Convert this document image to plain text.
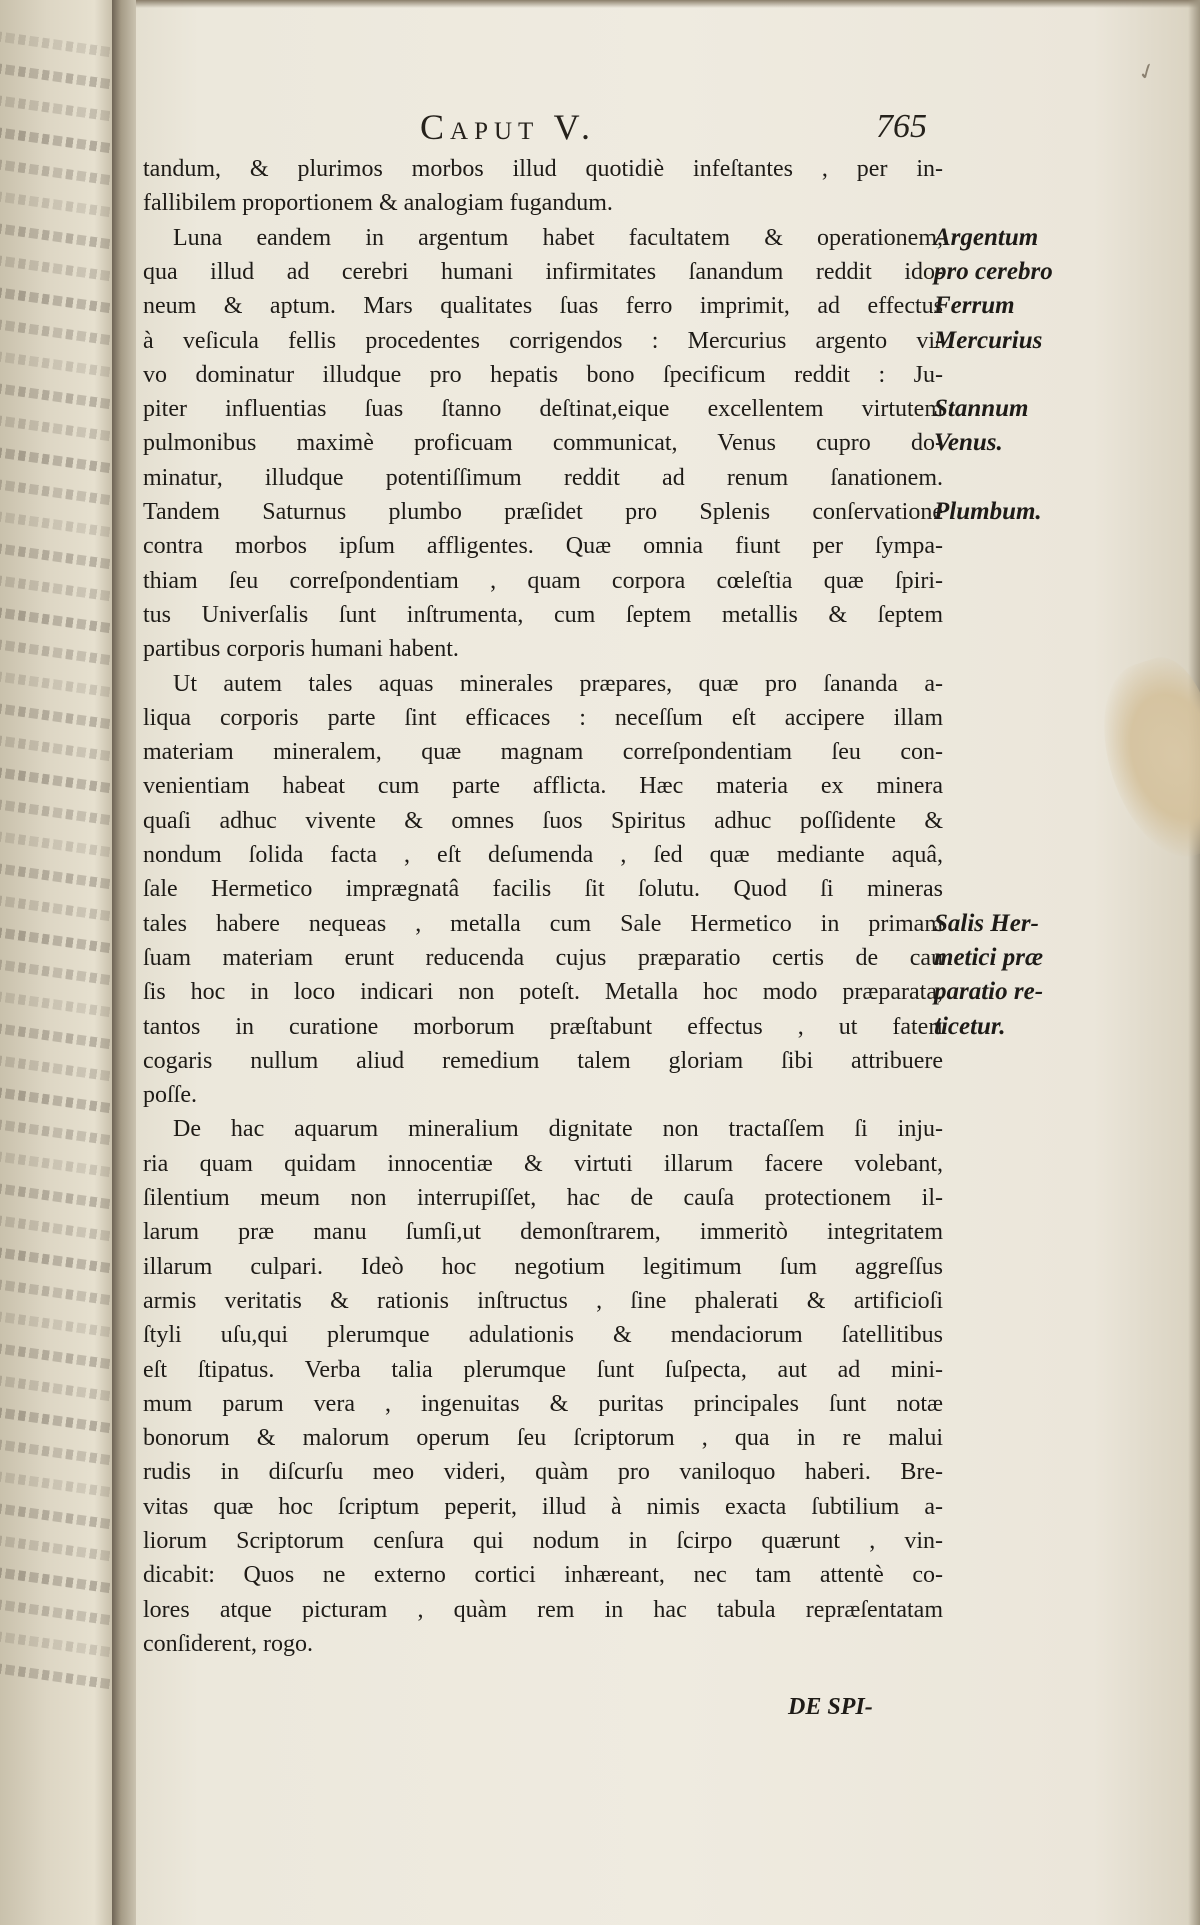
✓
Caput V.	765
tandum, & plurimos morbos illud quotidiè infeſtantes , per in-
fallibilem proportionem & analogiam fugandum.
Luna eandem in argentum habet facultatem & operationem,
qua illud ad cerebri humani infirmitates ſanandum reddit ido-
neum & aptum. Mars qualitates ſuas ferro imprimit, ad effectus
à veſicula fellis procedentes corrigendos : Mercurius argento vi-
vo dominatur illudque pro hepatis bono ſpecificum reddit : Ju-
piter influentias ſuas ſtanno deſtinat,eique excellentem virtutem
pulmonibus maximè proficuam communicat, Venus cupro do-
minatur, illudque potentiſſimum reddit ad renum ſanationem.
Tandem Saturnus plumbo præſidet pro Splenis conſervatione
contra morbos ipſum affligentes. Quæ omnia fiunt per ſympa-
thiam ſeu correſpondentiam , quam corpora cœleſtia quæ ſpiri-
tus Univerſalis ſunt inſtrumenta, cum ſeptem metallis & ſeptem
partibus corporis humani habent.
Ut autem tales aquas minerales præpares, quæ pro ſananda a-
liqua corporis parte ſint efficaces : neceſſum eſt accipere illam
materiam mineralem, quæ magnam correſpondentiam ſeu con-
venientiam habeat cum parte afflicta. Hæc materia ex minera
quaſi adhuc vivente & omnes ſuos Spiritus adhuc poſſidente &
nondum ſolida facta , eſt deſumenda , ſed quæ mediante aquâ,
ſale Hermetico imprægnatâ facilis ſit ſolutu. Quod ſi mineras
tales habere nequeas , metalla cum Sale Hermetico in primam
ſuam materiam erunt reducenda cujus præparatio certis de cau
ſis hoc in loco indicari non poteſt. Metalla hoc modo præparata,
tantos in curatione morborum præſtabunt effectus , ut fateri
cogaris nullum aliud remedium talem gloriam ſibi attribuere
poſſe.
De hac aquarum mineralium dignitate non tractaſſem ſi inju-
ria quam quidam innocentiæ & virtuti illarum facere volebant,
ſilentium meum non interrupiſſet, hac de cauſa protectionem il-
larum præ manu ſumſi,ut demonſtrarem, immeritò integritatem
illarum culpari. Ideò hoc negotium legitimum ſum aggreſſus
armis veritatis & rationis inſtructus , ſine phalerati & artificioſi
ſtyli uſu,qui plerumque adulationis & mendaciorum ſatellitibus
eſt ſtipatus. Verba talia plerumque ſunt ſuſpecta, aut ad mini-
mum parum vera , ingenuitas & puritas principales ſunt notæ
bonorum & malorum operum ſeu ſcriptorum , qua in re malui
rudis in diſcurſu meo videri, quàm pro vaniloquo haberi. Bre-
vitas quæ hoc ſcriptum peperit, illud à nimis exacta ſubtilium a-
liorum Scriptorum cenſura qui nodum in ſcirpo quærunt , vin-
dicabit: Quos ne externo cortici inhæreant, nec tam attentè co-
lores atque picturam , quàm rem in hac tabula repræſentatam
conſiderent, rogo.
Argentum
pro cerebro
Ferrum
Mercurius
Stannum
Venus.
Plumbum.
Salis Her-
metici præ
paratio re-
ticetur.
DE SPI-
